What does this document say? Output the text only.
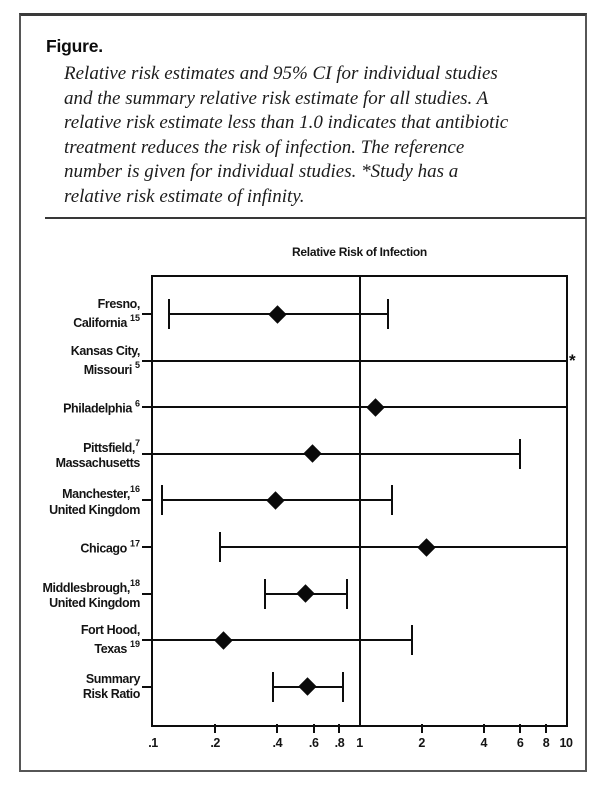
Figure.
Relative risk estimates and 95% CI for individual studies
and the summary relative risk estimate for all studies. A
relative risk estimate less than 1.0 indicates that antibiotic
treatment reduces the risk of infection. The reference
number is given for individual studies. *Study has a
relative risk estimate of infinity.
Relative Risk of Infection
.1	.2	.4	.6	.8 1	2	4	6	8 10
Fresno,
California $^{15}$
Kansas City,
Missouri $^5$	*
Philadelphia $^6$
Pittsfield,$^7$
Massachusetts
Manchester,$^{16}$
United Kingdom
Chicago $^{17}$
Middlesbrough,$^{18}$
United Kingdom
Fort Hood,
Texas $^{19}$
Summary
Risk Ratio
